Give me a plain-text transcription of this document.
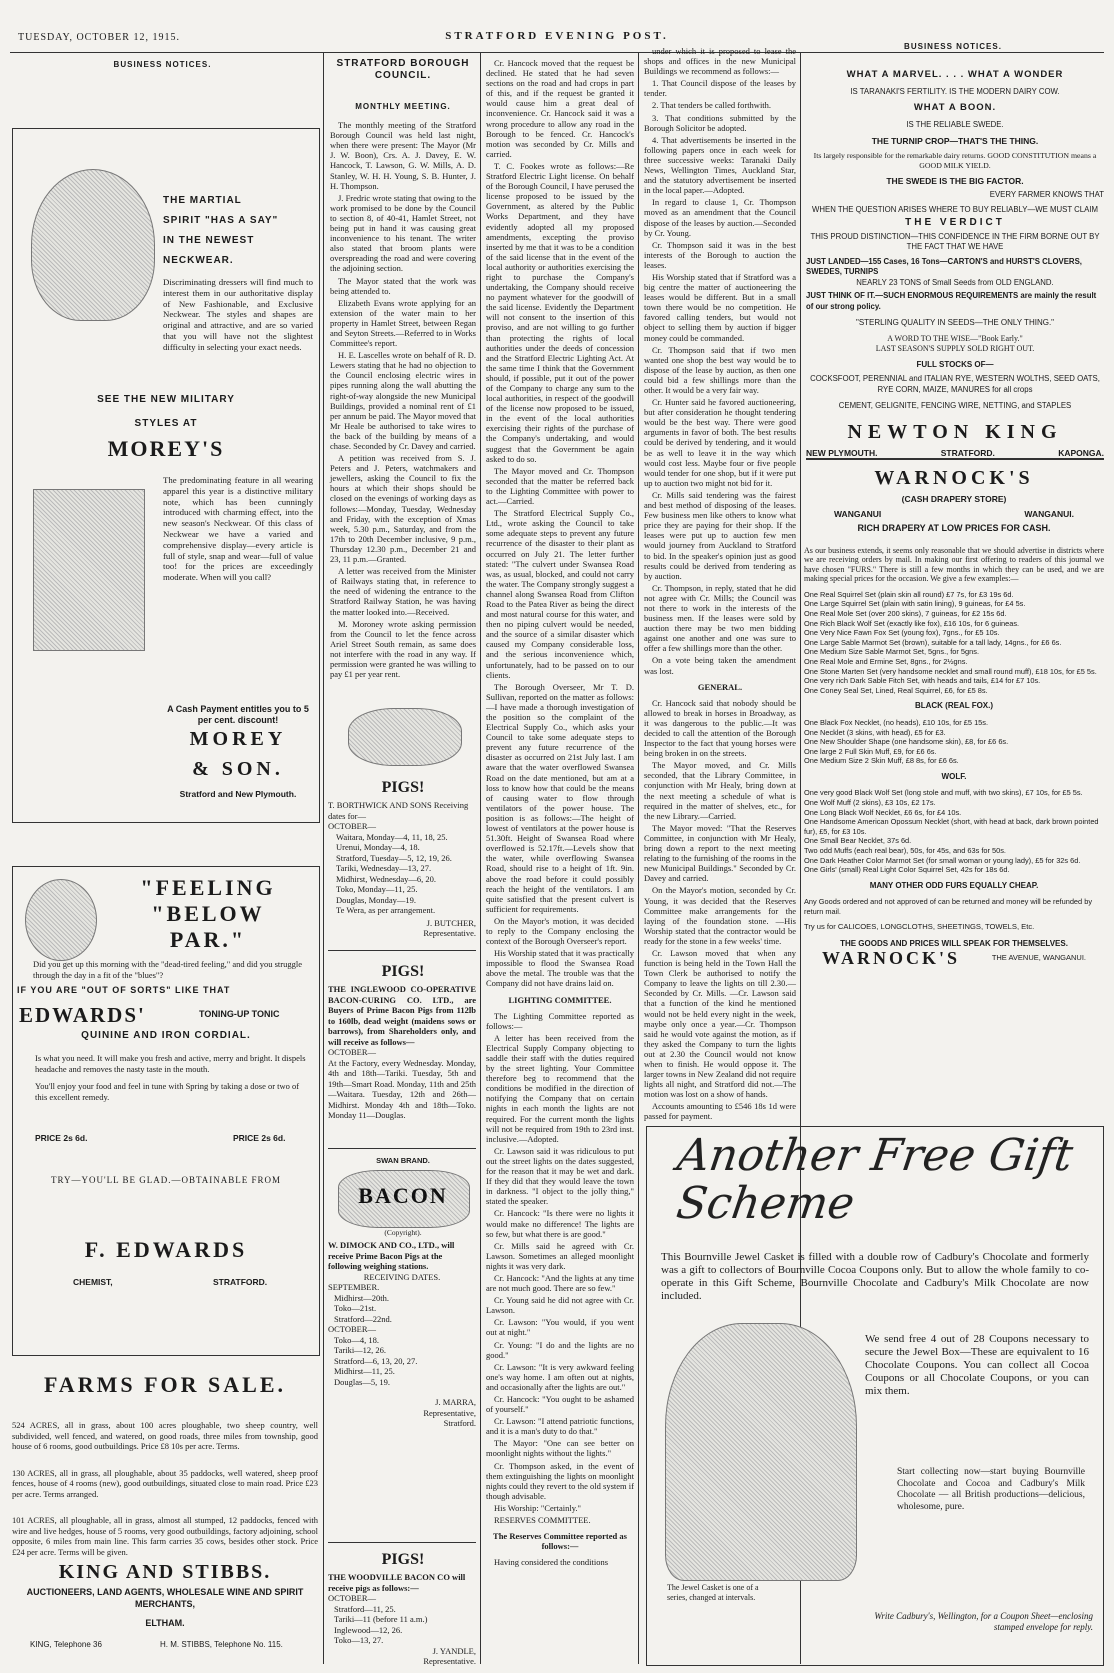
TUESDAY, OCTOBER 12, 1915.	STRATFORD EVENING POST.
BUSINESS NOTICES.
BUSINESS NOTICES.
THE MARTIAL
SPIRIT "HAS A SAY"
IN THE NEWEST
NECKWEAR.
Discriminating dressers will find much to interest them in our authoritative display of New Fashionable, and Exclusive Neckwear. The styles and shapes are original and attractive, and are so varied that you will have not the slightest difficulty in selecting your exact needs.
SEE THE NEW MILITARY
STYLES AT
MOREY'S
The predominating feature in all wearing apparel this year is a distinctive military note, which has been cunningly introduced with charming effect, into the new season's Neckwear. Of this class of Neckwear we have a varied and comprehensive display—every article is full of style, snap and wear—full of value too! for the prices are exceedingly moderate. When will you call?
A Cash Payment entitles you to 5 per cent. discount!
MOREY
& SON.
Stratford and New Plymouth.
"FEELING
"BELOW
PAR."
Did you get up this morning with the "dead-tired feeling," and did you struggle through the day in a fit of the "blues"?
IF YOU ARE "OUT OF SORTS" LIKE THAT
EDWARDS'	TONING-UP TONIC
QUININE AND IRON CORDIAL.
Is what you need. It will make you fresh and active, merry and bright. It dispels headache and removes the nasty taste in the mouth.
You'll enjoy your food and feel in tune with Spring by taking a dose or two of this excellent remedy.
PRICE 2s 6d.	PRICE 2s 6d.
TRY—YOU'LL BE GLAD.—OBTAINABLE FROM
F. EDWARDS
CHEMIST,	STRATFORD.
FARMS FOR SALE.
524 ACRES, all in grass, about 100 acres ploughable, two sheep country, well subdivided, well fenced, and watered, on good roads, three miles from township, good house of 6 rooms, good outbuildings. Price £8 10s per acre. Terms.
130 ACRES, all in grass, all ploughable, about 35 paddocks, well watered, sheep proof fences, house of 4 rooms (new), good outbuildings, situated close to main road. Price £23 per acre. Terms arranged.
101 ACRES, all ploughable, all in grass, almost all stumped, 12 paddocks, fenced with wire and live hedges, house of 5 rooms, very good outbuildings, factory adjoining, school opposite, 6 miles from main line. This farm carries 35 cows, besides other stock. Price £24 per acre. Terms will be given.
KING AND STIBBS.
AUCTIONEERS, LAND AGENTS, WHOLESALE WINE AND SPIRIT MERCHANTS,
ELTHAM.
KING, Telephone 36	H. M. STIBBS, Telephone No. 115.
STRATFORD BOROUGH
COUNCIL.
MONTHLY MEETING.

The monthly meeting of the Stratford Borough Council was held last night, when there were present: The Mayor (Mr J. W. Boon), Crs. A. J. Davey, E. W. Hancock, T. Lawson, G. W. Mills, A. D. Stanley, W. H. H. Young, S. B. Hunter, J. H. Thompson.

J. Fredric wrote stating that owing to the work promised to be done by the Council to section 8, of 40-41, Hamlet Street, not being put in hand it was causing great inconvenience to his tenant. The writer also stated that broom plants were overspreading the road and were covering the adjoining section.

The Mayor stated that the work was being attended to.

Elizabeth Evans wrote applying for an extension of the water main to her property in Hamlet Street, between Regan and Seyton Streets.—Referred to in Works Committee's report.

H. E. Lascelles wrote on behalf of R. D. Lewers stating that he had no objection to the Council enclosing electric wires in pipes running along the wall abutting the right-of-way alongside the new Municipal Buildings, provided a nominal rent of £1 per annum be paid. The Mayor moved that Mr Heale be authorised to take wires to the back of the building by means of a chase. Seconded by Cr. Davey and carried.

A petition was received from S. J. Peters and J. Peters, watchmakers and jewellers, asking the Council to fix the hours at which their shops should be closed on the evenings of working days as follows:—Monday, Tuesday, Wednesday and Friday, with the exception of Xmas week, 5.30 p.m., Saturday, and from the 17th to 20th December inclusive, 9 p.m., Thursday 12.30 p.m., December 21 and 23, 11 p.m.—Granted.

A letter was received from the Minister of Railways stating that, in reference to the need of widening the entrance to the Stratford Railway Station, he was having the matter looked into.—Received.

M. Moroney wrote asking permission from the Council to let the fence across Ariel Street South remain, as same does not interfere with the road in any way. If permission were granted he was willing to pay £1 per year rent.

PIGS!
T. BORTHWICK AND SONS Receiving dates for—
OCTOBER—
Waitara, Monday—4, 11, 18, 25.
Urenui, Monday—4, 18.
Stratford, Tuesday—5, 12, 19, 26.
Tariki, Wednesday—13, 27.
Midhirst, Wednesday—6, 20.
Toko, Monday—11, 25.
Douglas, Monday—19.
Te Wera, as per arrangement.
J. BUTCHER,
Representative.
PIGS!
THE INGLEWOOD CO-OPERATIVE BACON-CURING CO. LTD., are Buyers of Prime Bacon Pigs from 112lb to 160lb, dead weight (maidens sows or barrows), from Shareholders only, and will receive as follows—
OCTOBER—
At the Factory, every Wednesday. Monday, 4th and 18th—Tariki. Tuesday, 5th and 19th—Smart Road. Monday, 11th and 25th—Waitara. Tuesday, 12th and 26th—Midhirst. Monday 4th and 18th—Toko. Monday 11—Douglas.
SWAN BRAND.
BACON
(Copyright).
W. DIMOCK AND CO., LTD., will receive Prime Bacon Pigs at the following weighing stations.
RECEIVING DATES.
SEPTEMBER.
Midhirst—20th.
Toko—21st.
Stratford—22nd.
OCTOBER—
Toko—4, 18.
Tariki—12, 26.
Stratford—6, 13, 20, 27.
Midhirst—11, 25.
Douglas—5, 19.
J. MARRA,
Representative,
Stratford.
PIGS!
THE WOODVILLE BACON CO will receive pigs as follows:—
OCTOBER—
Stratford—11, 25.
Tariki—11 (before 11 a.m.)
Inglewood—12, 26.
Toko—13, 27.
J. YANDLE,
Representative.

Cr. Hancock moved that the request be declined. He stated that he had seven sections on the road and had crops in part of this, and if the request be granted it would cause him a great deal of inconvenience. Cr. Hancock said it was a wrong procedure to allow any road in the Borough to be fenced. Cr. Hancock's motion was seconded by Cr. Mills and carried.

T. C. Fookes wrote as follows:—Re Stratford Electric Light license. On behalf of the Borough Council, I have perused the license proposed to be issued by the Government, as altered by the Public Works Department, and they have evidently adopted all my proposed amendments, excepting the proviso inserted by me that it was to be a condition of the said license that in the event of the local authority or authorities exercising the right to purchase the Company's undertaking, the Company should receive no payment whatever for the goodwill of the said license. Evidently the Department will not consent to the insertion of this proviso, and are not willing to go further than protecting the rights of local authorities under the deeds of concession and the Stratford Electric Lighting Act. At the same time I think that the Government should, if possible, put it out of the power of the Company to charge any sum to the local authorities, in respect of the goodwill of the license now proposed to be issued, in the event of the local authorities exercising their rights of the purchase of the Company's undertaking, and would suggest that the Government be again asked to do so.

The Mayor moved and Cr. Thompson seconded that the matter be referred back to the Lighting Committee with power to act.—Carried.

The Stratford Electrical Supply Co., Ltd., wrote asking the Council to take some adequate steps to prevent any future recurrence of the disaster to their plant as occurred on July 21. The letter further stated: "The culvert under Swansea Road was, as usual, blocked, and could not carry the water. The Company strongly suggest a channel along Swansea Road from Clifton Road to the Patea River as being the direct and most natural course for this water, and then no piping culvert would be needed, and the source of a similar disaster which caused my Company considerable loss, and the serious inconvenience which, unfortunately, had to be passed on to our clients.

The Borough Overseer, Mr T. D. Sullivan, reported on the matter as follows:—I have made a thorough investigation of the position so the complaint of the Electrical Supply Co., which asks your Council to take some adequate steps to prevent any future recurrence of the disaster as occurred on 21st July last. I am aware that the water overflowed Swansea Road on the date mentioned, but am at a loss to know how that could be the means of causing water to flow through ventilators of the power house. The position is as follows:—The height of lowest of ventilators at the power house is 51.30ft. Height of Swansea Road where overflowed is 52.17ft.—Levels show that the water, while overflowing Swansea Road, should rise to a height of 1ft. 9in. above the road before it could possibly reach the height of the ventilators. I am quite satisfied that the present culvert is sufficient for requirements.

On the Mayor's motion, it was decided to reply to the Company enclosing the context of the Borough Overseer's report.

His Worship stated that it was practically impossible to flood the Swansea Road above the metal. The trouble was that the Company did not have drains laid on.

LIGHTING COMMITTEE.

The Lighting Committee reported as follows:—

A letter has been received from the Electrical Supply Company objecting to saddle their staff with the duties required by the street lighting. Your Committee therefore beg to recommend that the conditions be modified in the direction of notifying the Company that on certain nights in each month the lights are not required. For the current month the lights will not be required from 19th to 23rd inst. inclusive.—Adopted.

Cr. Lawson said it was ridiculous to put out the street lights on the dates suggested, for the reason that it may be wet and dark. If they did that they would leave the town in darkness. "I object to the jolly thing," stated the speaker.

Cr. Hancock: "Is there were no lights it would make no difference! The lights are so few, but what there is are good."

Cr. Mills said he agreed with Cr. Lawson. Sometimes an alleged moonlight nights it was very dark.

Cr. Hancock: "And the lights at any time are not much good. There are so few."

Cr. Young said he did not agree with Cr. Lawson.

Cr. Lawson: "You would, if you went out at night."

Cr. Young: "I do and the lights are no good."

Cr. Lawson: "It is very awkward feeling one's way home. I am often out at nights, and occasionally after the lights are out."

Cr. Hancock: "You ought to be ashamed of yourself."

Cr. Lawson: "I attend patriotic functions, and it is a man's duty to do that."

The Mayor: "One can see better on moonlight nights without the lights."

Cr. Thompson asked, in the event of them extinguishing the lights on moonlight nights could they revert to the old system if though advisable.

His Worship: "Certainly."

RESERVES COMMITTEE.

The Reserves Committee reported as follows:—

Having considered the conditions

under which it is proposed to lease the shops and offices in the new Municipal Buildings we recommend as follows:—

1. That Council dispose of the leases by tender.

2. That tenders be called forthwith.

3. That conditions submitted by the Borough Solicitor be adopted.

4. That advertisements be inserted in the following papers once in each week for three successive weeks: Taranaki Daily News, Wellington Times, Auckland Star, and the statutory advertisement be inserted in the local paper.—Adopted.

In regard to clause 1, Cr. Thompson moved as an amendment that the Council dispose of the leases by auction.—Seconded by Cr. Young.

Cr. Thompson said it was in the best interests of the Borough to auction the leases.

His Worship stated that if Stratford was a big centre the matter of auctioneering the leases would be different. But in a small town there would be no competition. He favored calling tenders, but would not object to selling them by auction if bigger money could be commanded.

Cr. Thompson said that if two men wanted one shop the best way would be to dispose of the lease by auction, as then one could bid a few shillings more than the other. It would be a very fair way.

Cr. Hunter said he favored auctioneering, but after consideration he thought tendering would be the best way. There were good arguments in favor of both. The best results could be derived by tendering, and it would be as well to leave it in the way which would cost less. Maybe four or five people would tender for one shop, but if it were put up to auction two might not bid for it.

Cr. Mills said tendering was the fairest and best method of disposing of the leases. Few business men like others to know what price they are paying for their shop. If the leases were put up to auction few men would journey from Auckland to Stratford to bid. In the speaker's opinion just as good results could be derived from tendering as by auction.

Cr. Thompson, in reply, stated that he did not agree with Cr. Mills; the Council was not there to work in the interests of the business men. If the leases were sold by auction there may be two men bidding against one another and one was sure to offer a few shillings more than the other.

On a vote being taken the amendment was lost.

GENERAL.

Cr. Hancock said that nobody should be allowed to break in horses in Broadway, as it was dangerous to the public.—It was decided to call the attention of the Borough Inspector to the fact that young horses were being broken in on the streets.

The Mayor moved, and Cr. Mills seconded, that the Library Committee, in conjunction with Mr Healy, bring down at the next meeting a schedule of what is required in the matter of shelves, etc., for the new Library.—Carried.

The Mayor moved: "That the Reserves Committee, in conjunction with Mr Healy, bring down a report to the next meeting relating to the furnishing of the rooms in the new Municipal Buildings." Seconded by Cr. Davey and carried.

On the Mayor's motion, seconded by Cr. Young, it was decided that the Reserves Committee make arrangements for the laying of the foundation stone. —His Worship stated that the contractor would be ready for the stone in a few weeks' time.

Cr. Lawson moved that when any function is being held in the Town Hall the Town Clerk be authorised to notify the Company to leave the lights on till 2.30.—Seconded by Cr. Mills. —Cr. Lawson said that a function of the kind he mentioned would not be held every night in the week, maybe only once a year.—Cr. Thompson said he would vote against the motion, as if they asked the Company to turn the lights out at 2.30 the Council would not know when to finish. He would oppose it. The larger towns in New Zealand did not require lights all night, and Stratford did not.—The motion was lost on a show of hands.

Accounts amounting to £546 18s 1d were passed for payment.

WHAT A MARVEL. . . . WHAT A WONDER
IS TARANAKI'S FERTILITY. IS THE MODERN DAIRY COW.
WHAT A BOON.
IS THE RELIABLE SWEDE.
THE TURNIP CROP—THAT'S THE THING.
Its largely responsible for the remarkable dairy returns. GOOD CONSTITUTION means a GOOD MILK YIELD.
THE SWEDE IS THE BIG FACTOR.
EVERY FARMER KNOWS THAT
WHEN THE QUESTION ARISES WHERE TO BUY RELIABLY—WE MUST CLAIM
THE VERDICT
THIS PROUD DISTINCTION—THIS CONFIDENCE IN THE FIRM BORNE OUT BY THE FACT THAT WE HAVE
JUST LANDED—155 Cases, 16 Tons—CARTON'S and HURST'S CLOVERS, SWEDES, TURNIPS
NEARLY 23 TONS of Small Seeds from OLD ENGLAND.
JUST THINK OF IT.—SUCH ENORMOUS REQUIREMENTS are mainly the result of our strong policy.
"STERLING QUALITY IN SEEDS—THE ONLY THING."
A WORD TO THE WISE—"Book Early."
LAST SEASON'S SUPPLY SOLD RIGHT OUT.
FULL STOCKS OF—
COCKSFOOT, PERENNIAL and ITALIAN RYE, WESTERN WOLTHS, SEED OATS, RYE CORN, MAIZE, MANURES for all crops
CEMENT, GELIGNITE, FENCING WIRE, NETTING, and STAPLES
NEWTON KING
NEW PLYMOUTH.	STRATFORD.	KAPONGA.
WARNOCK'S
(CASH DRAPERY STORE)
WANGANUI	WANGANUI.
RICH DRAPERY AT LOW PRICES FOR CASH.
As our business extends, it seems only reasonable that we should advertise in districts where we are receiving orders by mail. In making our first offering to readers of this journal we have chosen "FURS." There is still a few months in which they can be used, and we are making special prices for the occasion. We give a few examples:—
One Real Squirrel Set (plain skin all round) £7 7s, for £3 19s 6d.
One Large Squirrel Set (plain with satin lining), 9 guineas, for £4 5s.
One Real Mole Set (over 200 skins), 7 guineas, for £2 15s 6d.
One Rich Black Wolf Set (exactly like fox), £16 10s, for 6 guineas.
One Very Nice Fawn Fox Set (young fox), 7gns., for £5 10s.
One Large Sable Marmot Set (brown), suitable for a tall lady, 14gns., for £6 6s.
One Medium Size Sable Marmot Set, 5gns., for 5gns.
One Real Mole and Ermine Set, 8gns., for 2½gns.
One Stone Marten Set (very handsome necklet and small round muff), £18 10s, for £5 5s.
One very rich Dark Sable Fitch Set, with heads and tails, £14 for £7 10s.
One Coney Seal Set, Lined, Real Squirrel, £6, for £5 8s.
BLACK (REAL FOX.)
One Black Fox Necklet, (no heads), £10 10s, for £5 15s.
One Necklet (3 skins, with head), £5 for £3.
One New Shoulder Shape (one handsome skin), £8, for £6 6s.
One large 2 Full Skin Muff, £9, for £6 6s.
One Medium Size 2 Skin Muff, £8 8s, for £6 6s.
WOLF.
One very good Black Wolf Set (long stole and muff, with two skins), £7 10s, for £5 5s.
One Wolf Muff (2 skins), £3 10s, £2 17s.
One Long Black Wolf Necklet, £6 6s, for £4 10s.
One Handsome American Opossum Necklet (short, with head at back, dark brown pointed fur), £5, for £3 10s.
One Small Bear Necklet, 37s 6d.
Two odd Muffs (each real bear), 50s, for 45s, and 63s for 50s.
One Dark Heather Color Marmot Set (for small woman or young lady), £5 for 32s 6d.
One Girls' (small) Real Light Color Squirrel Set, 42s for 18s 6d.
MANY OTHER ODD FURS EQUALLY CHEAP.
Any Goods ordered and not approved of can be returned and money will be refunded by return mail.
Try us for CALICOES, LONGCLOTHS, SHEETINGS, TOWELS, Etc.
THE GOODS AND PRICES WILL SPEAK FOR THEMSELVES.
WARNOCK'S	THE AVENUE, WANGANUI.
Another Free Gift
Scheme
This Bournville Jewel Casket is filled with a double row of Cadbury's Chocolate and formerly was a gift to collectors of Bournville Cocoa Coupons only. But to allow the whole family to co-operate in this Gift Scheme, Bournville Chocolate and Cadbury's Milk Chocolate are now included.
We send free 4 out of 28 Coupons necessary to secure the Jewel Box—These are equivalent to 16 Chocolate Coupons. You can collect all Cocoa Coupons or all Chocolate Coupons, or you can mix them.
Start collecting now—start buying Bournville Chocolate and Cocoa and Cadbury's Milk Chocolate — all British productions—delicious, wholesome, pure.
The Jewel Casket is one of a series, changed at intervals.
Write Cadbury's, Wellington, for a Coupon Sheet—enclosing stamped envelope for reply.
